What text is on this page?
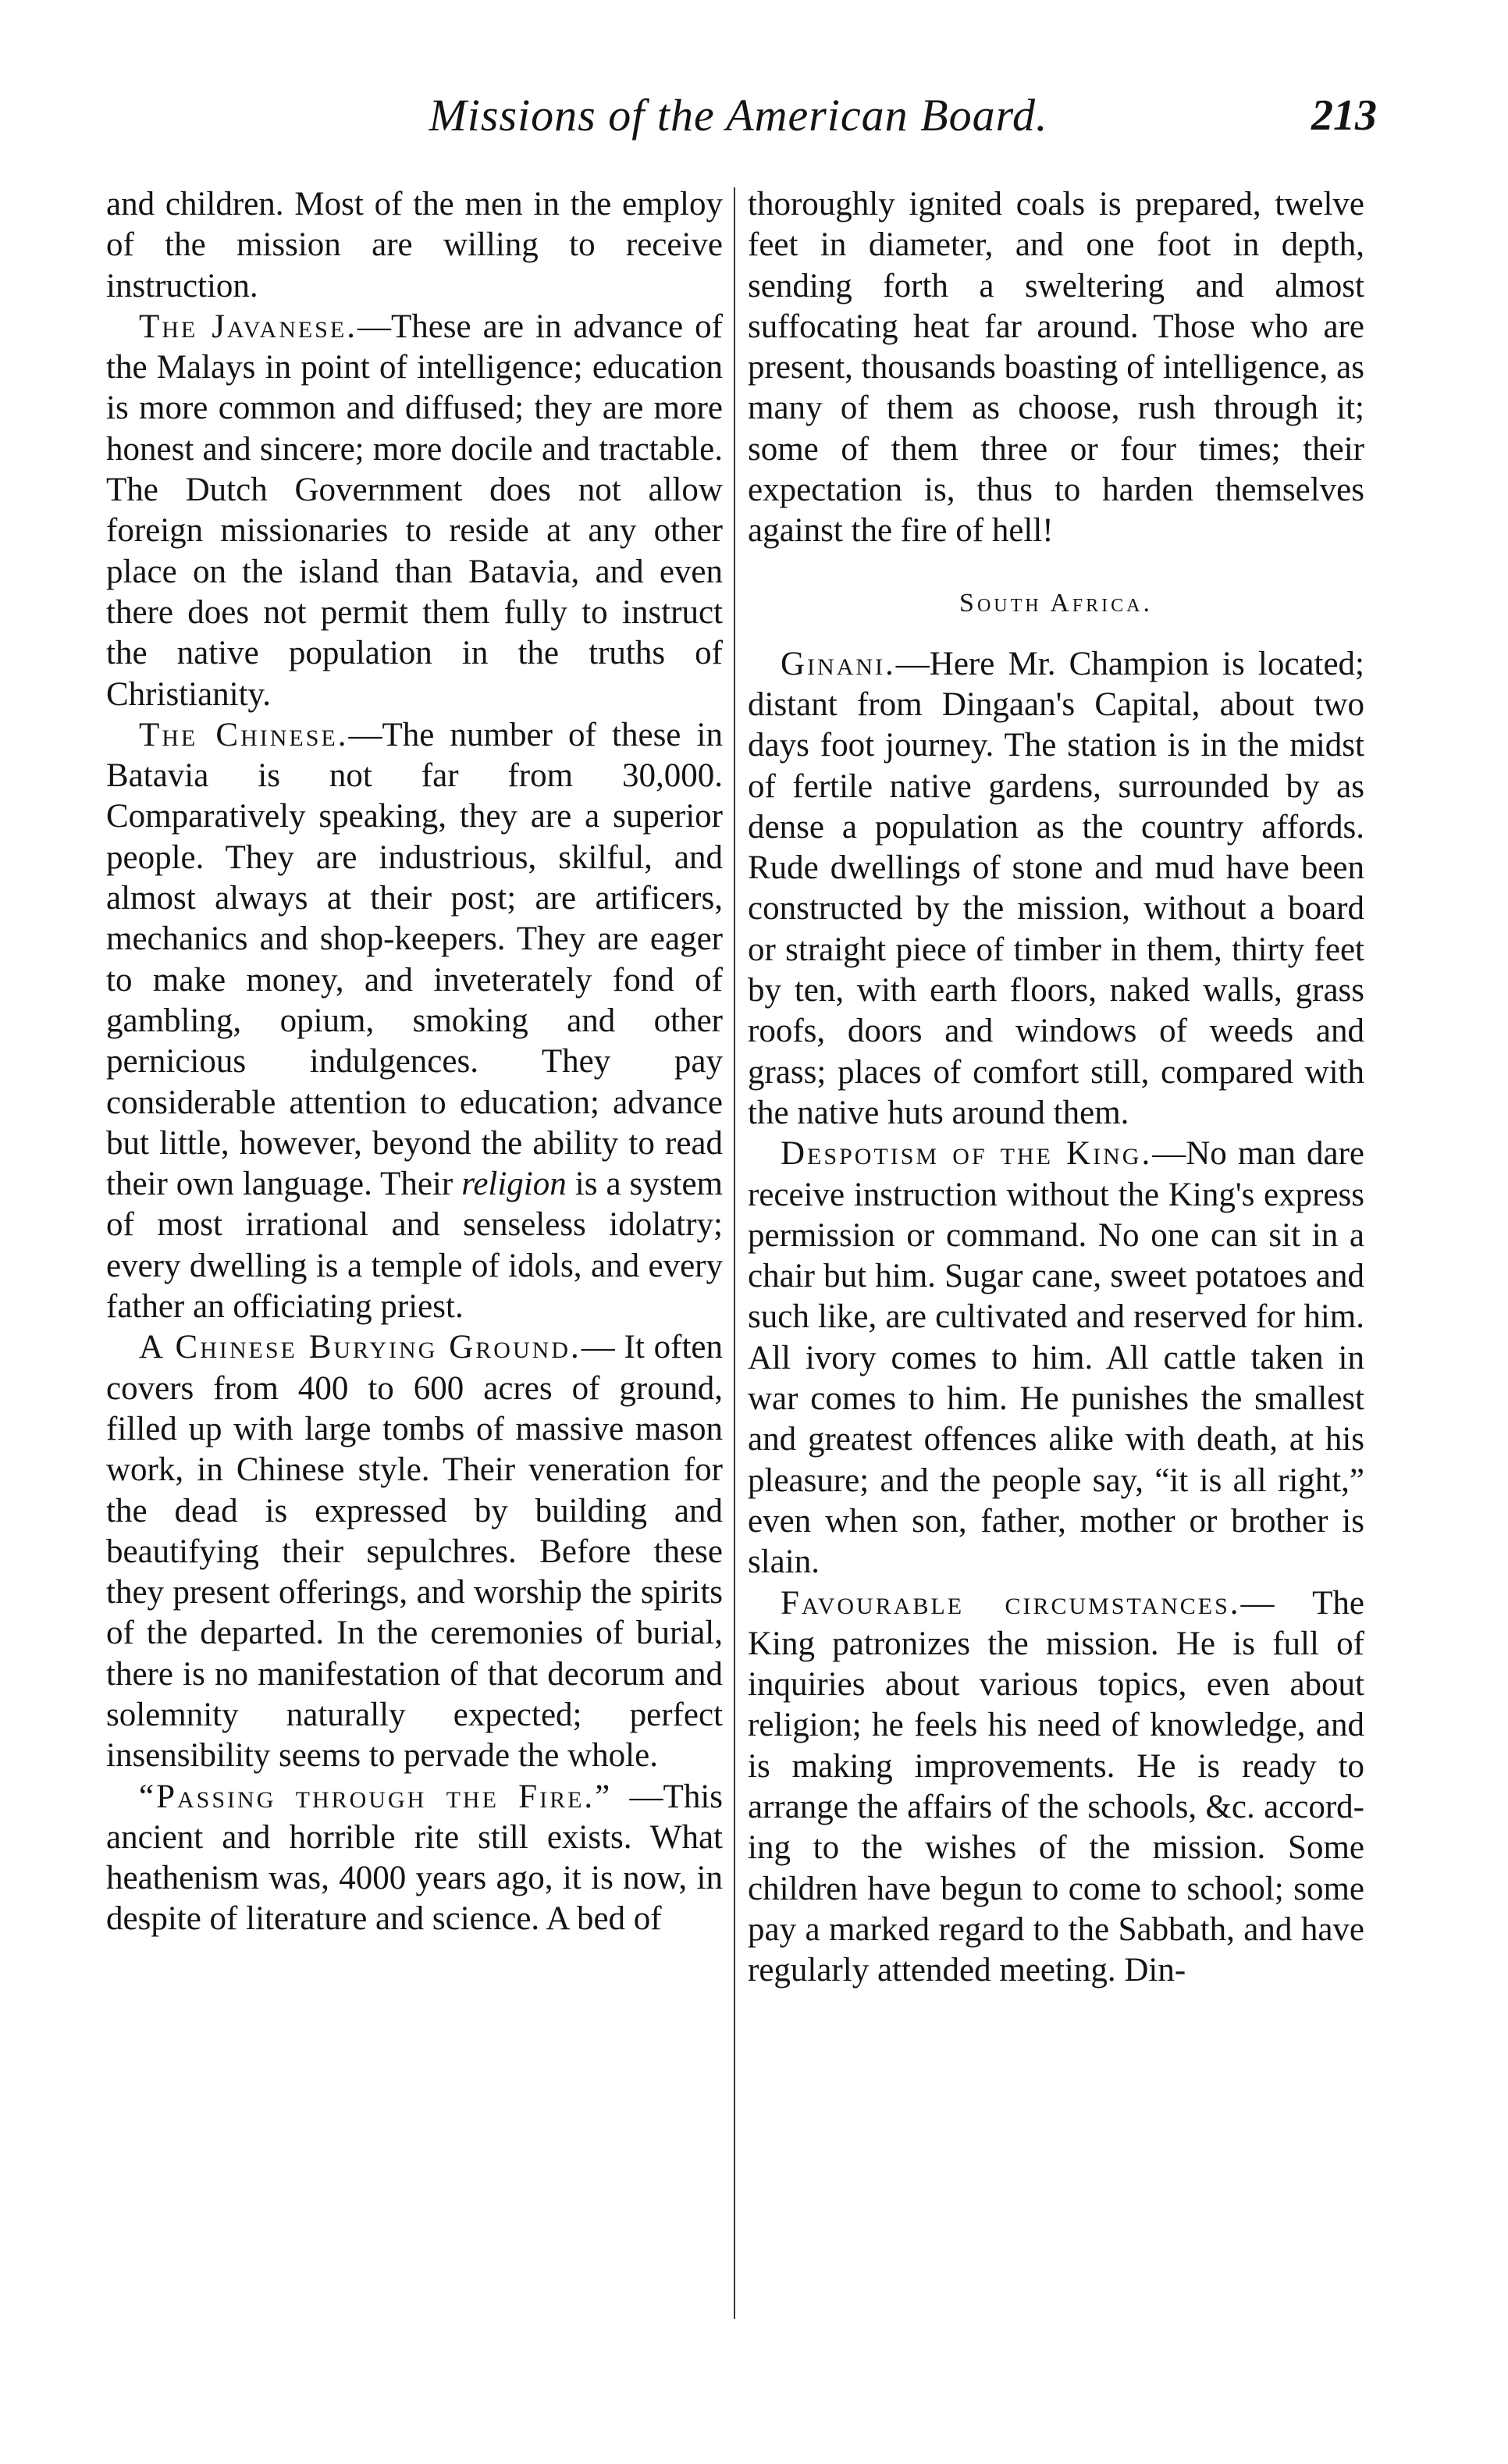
Missions of the American Board.	213

and children. Most of the men in the employ of the mission are willing to receive instruction.

The Javanese.—These are in advance of the Malays in point of intelligence; education is more common and diffused; they are more honest and sincere; more docile and tractable. The Dutch Government does not allow foreign missionaries to reside at any other place on the island than Batavia, and even there does not permit them fully to instruct the native population in the truths of Christianity.

The Chinese.—The number of these in Batavia is not far from 30,000. Comparatively speaking, they are a superior people. They are industrious, skilful, and almost always at their post; are artificers, mechanics and shop-keepers. They are eager to make money, and inveterately fond of gambling, opium, smoking and other pernicious indulgences. They pay considerable attention to education; advance but little, however, beyond the ability to read their own language. Their religion is a system of most irrational and senseless idolatry; every dwelling is a temple of idols, and every father an officiating priest.

A Chinese Burying Ground.— It often covers from 400 to 600 acres of ground, filled up with large tombs of massive mason work, in Chinese style. Their veneration for the dead is expressed by building and beautifying their sepulchres. Before these they present offerings, and worship the spirits of the departed. In the ceremonies of burial, there is no manifestation of that decorum and solemnity naturally expected; perfect insensibility seems to pervade the whole.

“Passing through the Fire.” —This ancient and horrible rite still exists. What heathenism was, 4000 years ago, it is now, in despite of literature and science. A bed of

thoroughly ignited coals is prepared, twelve feet in diameter, and one foot in depth, sending forth a sweltering and almost suffocating heat far around. Those who are present, thousands boasting of intelligence, as many of them as choose, rush through it; some of them three or four times; their expectation is, thus to harden themselves against the fire of hell!

South Africa.

Ginani.—Here Mr. Champion is located; distant from Dingaan's Capital, about two days foot journey. The station is in the midst of fertile native gardens, surrounded by as dense a population as the country affords. Rude dwellings of stone and mud have been constructed by the mission, without a board or straight piece of timber in them, thirty feet by ten, with earth floors, naked walls, grass roofs, doors and windows of weeds and grass; places of comfort still, compared with the native huts around them.

Despotism of the King.—No man dare receive instruction without the King's express permission or command. No one can sit in a chair but him. Sugar cane, sweet potatoes and such like, are cultivated and reserved for him. All ivory comes to him. All cattle taken in war comes to him. He punishes the smallest and greatest offences alike with death, at his pleasure; and the people say, “it is all right,” even when son, father, mother or brother is slain.

Favourable circumstances.— The King patronizes the mission. He is full of inquiries about various topics, even about religion; he feels his need of knowledge, and is making improvements. He is ready to arrange the affairs of the schools, &c. according to the wishes of the mission. Some children have begun to come to school; some pay a marked regard to the Sabbath, and have regularly attended meeting. Din-
